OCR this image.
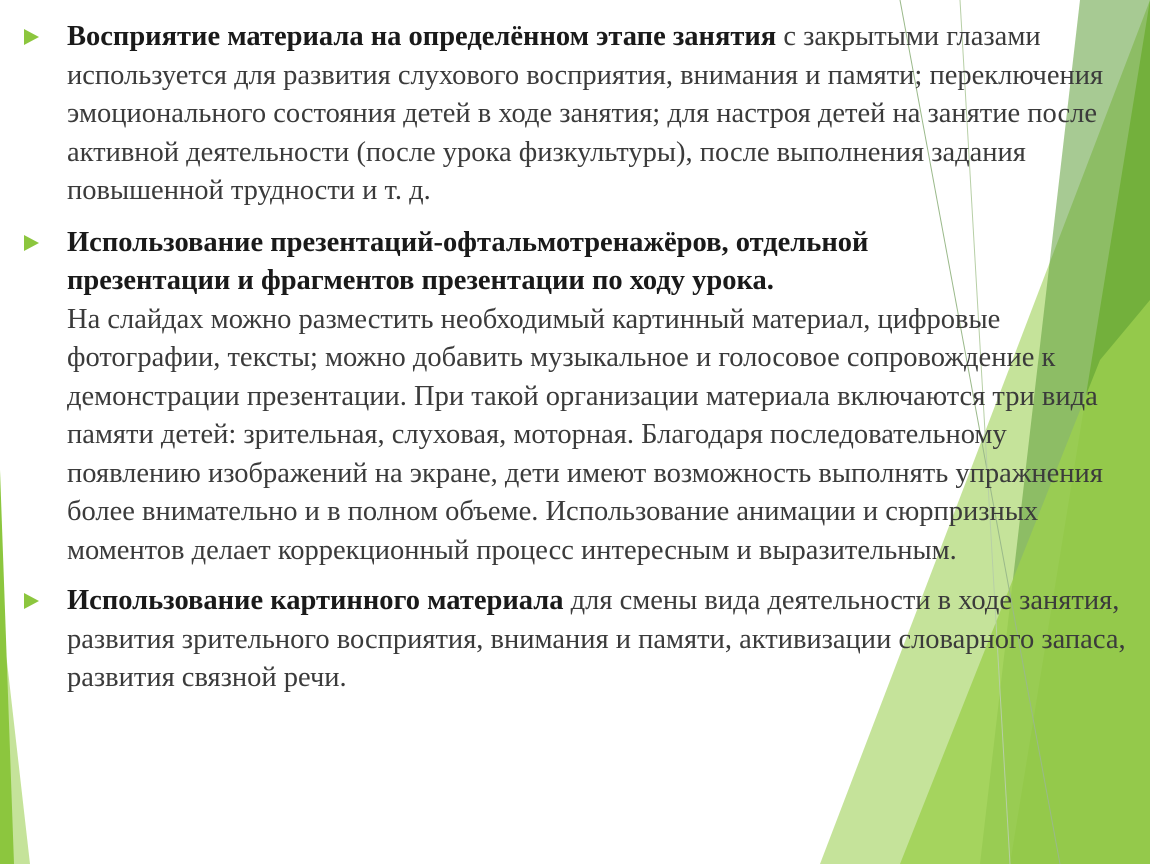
Восприятие материала на определённом этапе занятия с закрытыми глазами используется для развития слухового восприятия, внимания и памяти; переключения эмоционального состояния детей в ходе занятия; для настроя детей на занятие после активной деятельности (после урока физкультуры), после выполнения задания повышенной трудности и т. д.
Использование презентаций-офтальмотренажёров, отдельной
презентации и фрагментов презентации по ходу урока.
На слайдах можно разместить необходимый картинный материал, цифровые фотографии, тексты; можно добавить музыкальное и голосовое сопровождение к демонстрации презентации. При такой организации материала включаются три вида памяти детей: зрительная, слуховая, моторная. Благодаря последовательному появлению изображений на экране, дети имеют возможность выполнять упражнения более внимательно и в полном объеме. Использование анимации и сюрпризных моментов делает коррекционный процесс интересным и выразительным.
Использование картинного материала для смены вида деятельности в ходе занятия, развития зрительного восприятия, внимания и памяти, активизации словарного запаса, развития связной речи.
